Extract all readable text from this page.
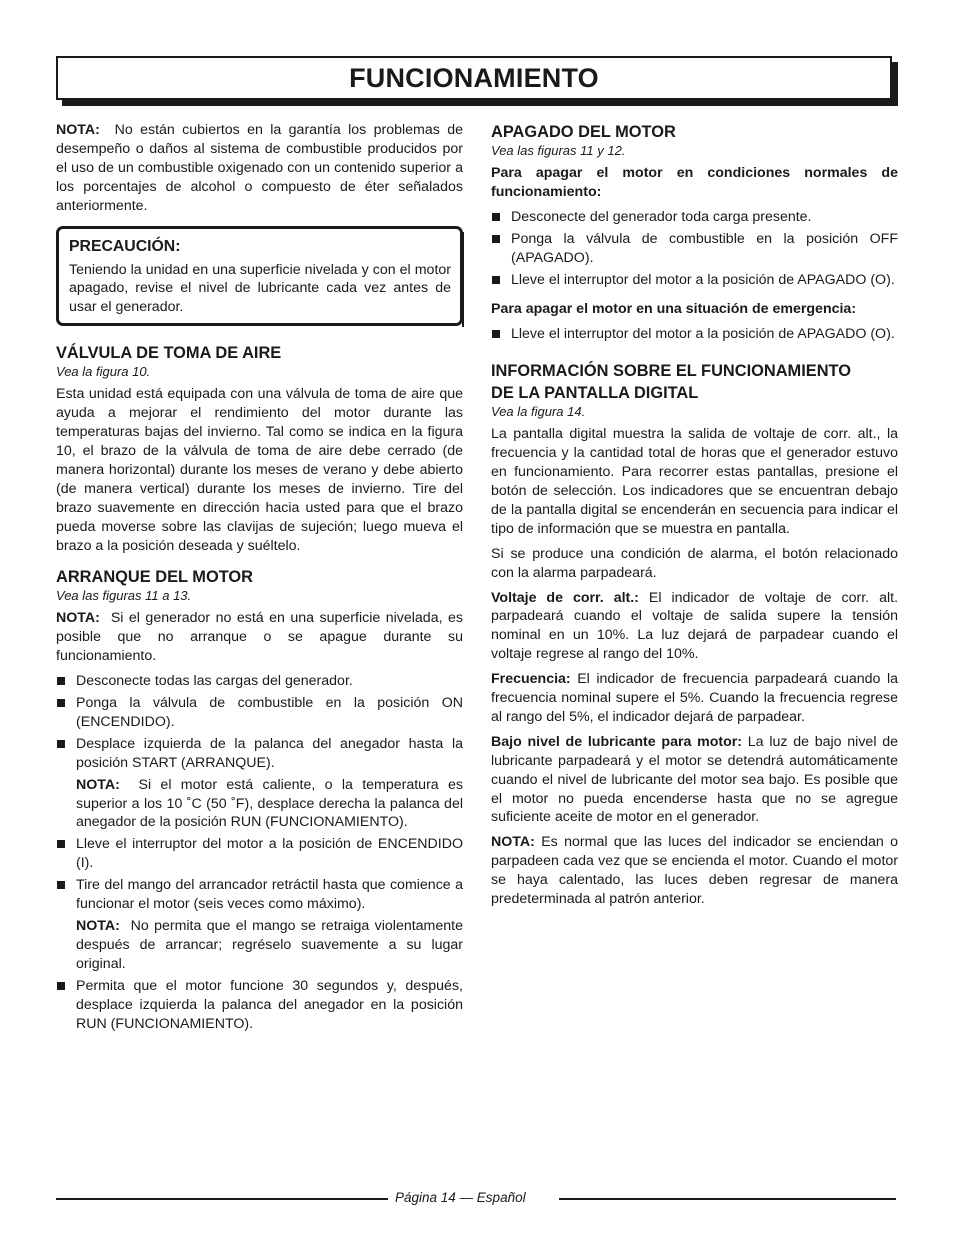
FUNCIONAMIENTO

NOTA: No están cubiertos en la garantía los problemas de desempeño o daños al sistema de combustible producidos por el uso de un combustible oxigenado con un contenido superior a los porcentajes de alcohol o compuesto de éter señalados anteriormente.

PRECAUCIÓN:

Teniendo la unidad en una superficie nivelada y con el motor apagado, revise el nivel de lubricante cada vez antes de usar el generador.

VÁLVULA DE TOMA DE AIRE
Vea la figura 10.

Esta unidad está equipada con una válvula de toma de aire que ayuda a mejorar el rendimiento del motor durante las temperaturas bajas del invierno. Tal como se indica en la figura 10, el brazo de la válvula de toma de aire debe cerrado (de manera horizontal) durante los meses de verano y debe abierto (de manera vertical) durante los meses de invierno. Tire del brazo suavemente en dirección hacia usted para que el brazo pueda moverse sobre las clavijas de sujeción; luego mueva el brazo a la posición deseada y suéltelo.

ARRANQUE DEL MOTOR
Vea las figuras 11 a 13.

NOTA: Si el generador no está en una superficie nivelada, es posible que no arranque o se apague durante su funcionamiento.

Desconecte todas las cargas del generador.
Ponga la válvula de combustible en la posición ON (ENCENDIDO).
Desplace izquierda de la palanca del anegador hasta la posición START (ARRANQUE).

NOTA: Si el motor está caliente, o la temperatura es superior a los 10 ˚C (50 ˚F), desplace derecha la palanca del anegador de la posición RUN (FUNCIONAMIENTO).

Lleve el interruptor del motor a la posición de ENCENDIDO (I).
Tire del mango del arrancador retráctil hasta que comience a funcionar el motor (seis veces como máximo).

NOTA: No permita que el mango se retraiga violentamente después de arrancar; regréselo suavemente a su lugar original.

Permita que el motor funcione 30 segundos y, después, desplace izquierda la palanca del anegador en la posición RUN (FUNCIONAMIENTO).
APAGADO DEL MOTOR
Vea las figuras 11 y 12.

Para apagar el motor en condiciones normales de funcionamiento:

Desconecte del generador toda carga presente.
Ponga la válvula de combustible en la posición OFF (APAGADO).
Lleve el interruptor del motor a la posición de APAGADO (O).

Para apagar el motor en una situación de emergencia:

Lleve el interruptor del motor a la posición de APAGADO (O).
INFORMACIÓN SOBRE EL FUNCIONAMIENTO
DE LA PANTALLA DIGITAL
Vea la figura 14.

La pantalla digital muestra la salida de voltaje de corr. alt., la frecuencia y la cantidad total de horas que el generador estuvo en funcionamiento. Para recorrer estas pantallas, presione el botón de selección. Los indicadores que se encuentran debajo de la pantalla digital se encenderán en secuencia para indicar el tipo de información que se muestra en pantalla.

Si se produce una condición de alarma, el botón relacionado con la alarma parpadeará.

Voltaje de corr. alt.: El indicador de voltaje de corr. alt. parpadeará cuando el voltaje de salida supere la tensión nominal en un 10%. La luz dejará de parpadear cuando el voltaje regrese al rango del 10%.

Frecuencia: El indicador de frecuencia parpadeará cuando la frecuencia nominal supere el 5%. Cuando la frecuencia regrese al rango del 5%, el indicador dejará de parpadear.

Bajo nivel de lubricante para motor: La luz de bajo nivel de lubricante parpadeará y el motor se detendrá automáticamente cuando el nivel de lubricante del motor sea bajo. Es posible que el motor no pueda encenderse hasta que no se agregue suficiente aceite de motor en el generador.

NOTA: Es normal que las luces del indicador se enciendan o parpadeen cada vez que se encienda el motor. Cuando el motor se haya calentado, las luces deben regresar de manera predeterminada al patrón anterior.

Página 14 — Español
